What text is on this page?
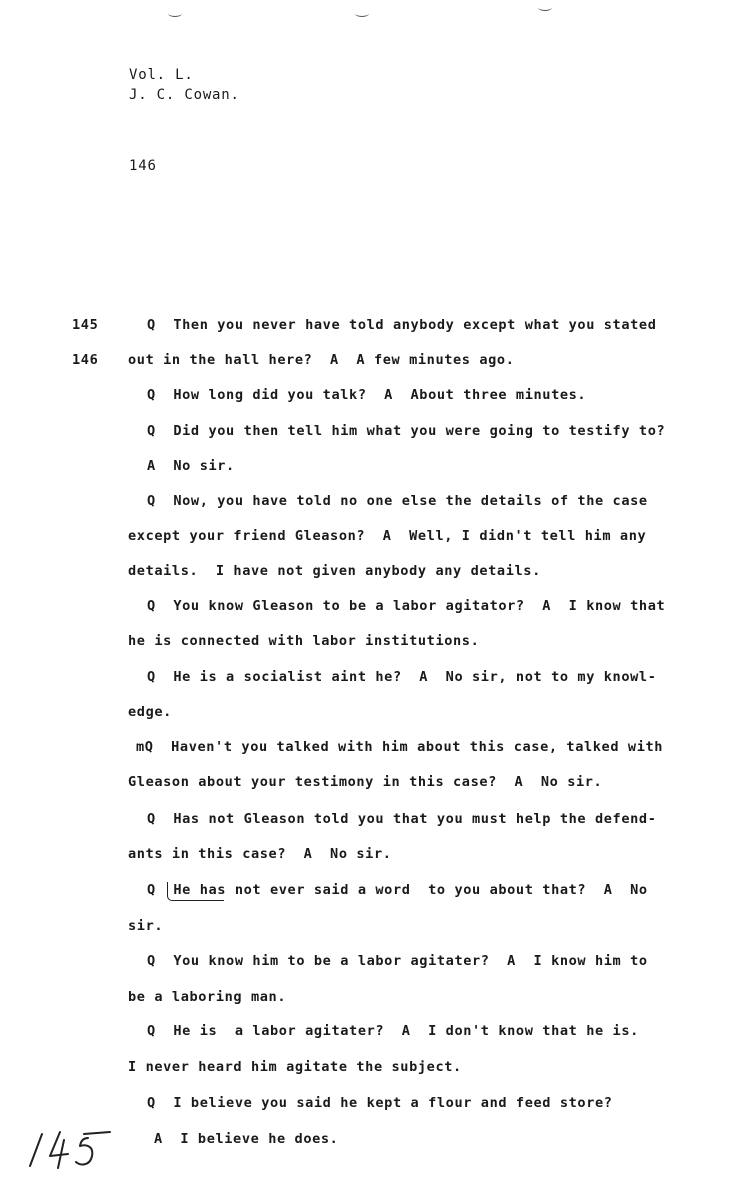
Vol. L.
J. C. Cowan.
146
145
146
Q  Then you never have told anybody except what you stated
out in the hall here?  A  A few minutes ago.
Q  How long did you talk?  A  About three minutes.
Q  Did you then tell him what you were going to testify to?
A  No sir.
Q  Now, you have told no one else the details of the case
except your friend Gleason?  A  Well, I didn't tell him any
details.  I have not given anybody any details.
Q  You know Gleason to be a labor agitator?  A  I know that
he is connected with labor institutions.
Q  He is a socialist aint he?  A  No sir, not to my knowl-
edge.
mQ  Haven't you talked with him about this case, talked with
Gleason about your testimony in this case?  A  No sir.
Q  Has not Gleason told you that you must help the defend-
ants in this case?  A  No sir.
Q  He has not ever said a word  to you about that?  A  No
sir.
Q  You know him to be a labor agitater?  A  I know him to
be a laboring man.
Q  He is  a labor agitater?  A  I don't know that he is.
I never heard him agitate the subject.
Q  I believe you said he kept a flour and feed store?
A  I believe he does.
